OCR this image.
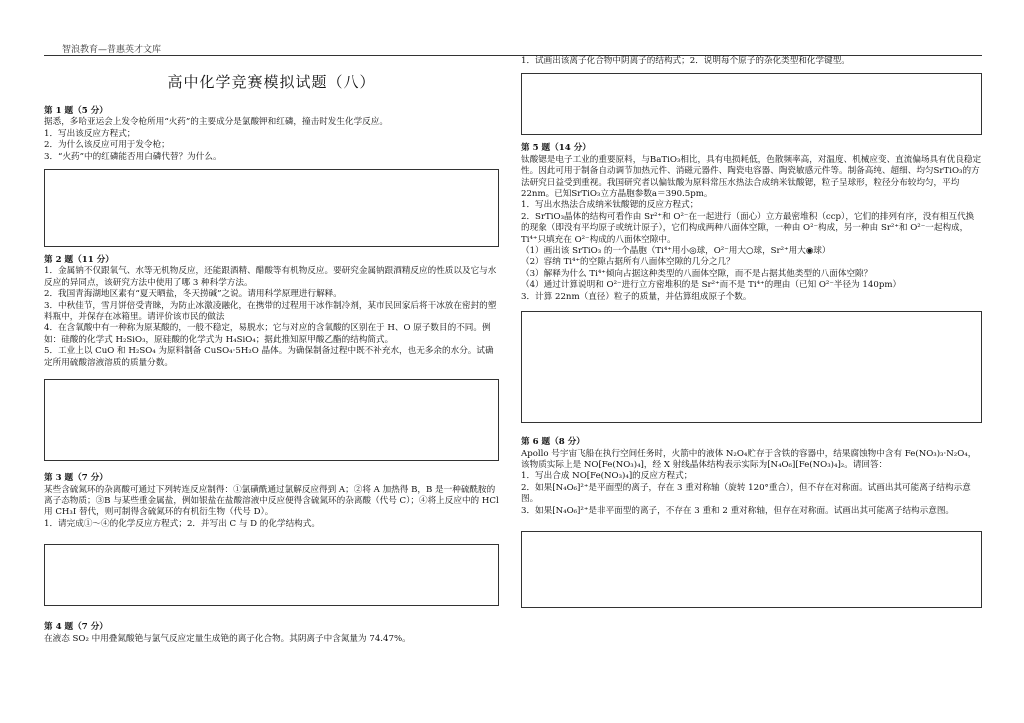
智浪教育—普惠英才文库

高中化学竞赛模拟试题（八）

第 1 题（5 分）

据悉，多哈亚运会上发令枪所用“火药”的主要成分是氯酸钾和红磷，撞击时发生化学反应。

1．写出该反应方程式；

2．为什么该反应可用于发令枪；

3．“火药”中的红磷能否用白磷代替？为什么。

第 2 题（11 分）

1．金属钠不仅跟氧气、水等无机物反应，还能跟酒精、醋酸等有机物反应。要研究金属钠跟酒精反应的性质以及它与水反应的异同点，该研究方法中使用了哪 3 种科学方法。

2．我国青海湖地区素有“夏天晒盐，冬天捞碱”之说。请用科学原理进行解释。

3．中秋佳节，雪月饼倍受青睐，为防止冰激凌融化，在携带的过程用干冰作制冷剂，某市民回家后将干冰放在密封的塑料瓶中，并保存在冰箱里。请评价该市民的做法

4．在含氧酸中有一种称为原某酸的，一般不稳定，易脱水；它与对应的含氧酸的区别在于 H、O 原子数目的不同。例如：硅酸的化学式 H₂SiO₃，原硅酸的化学式为 H₄SiO₄；据此推知原甲酸乙酯的结构简式。

5．工业上以 CuO 和 H₂SO₄ 为原料制备 CuSO₄·5H₂O 晶体。为确保制备过程中既不补充水，也无多余的水分。试确定所用硫酸溶液溶质的质量分数。

第 3 题（7 分）

某些含硫氮环的杂离酸可通过下列转连反应制得：①氯磺酰通过氯解反应得到 A；②将 A 加热得 B，B 是一种硫酰胺的离子态物质；③B 与某些重金属盐，例如银盐在盐酸溶液中反应便得含硫氮环的杂离酸（代号 C）；④将上反应中的 HCl 用 CH₃I 替代，则可制得含硫氮环的有机衍生物（代号 D）。

1．请完成①～④的化学反应方程式；2．并写出 C 与 D 的化学结构式。

第 4 题（7 分）

在液态 SO₂ 中用叠氮酸铯与氯气反应定量生成铯的离子化合物。其阴离子中含氮量为 74.47%。

1．试画出该离子化合物中阴离子的结构式；2．说明每个原子的杂化类型和化学键型。

第 5 题（14 分）

钛酸锶是电子工业的重要原料，与BaTiO₃相比，具有电损耗低，色散频率高，对温度、机械应变、直流偏场具有优良稳定性。因此可用于制备自动调节加热元件、消磁元器件、陶瓷电容器、陶瓷敏感元件等。制备高纯、超细、均匀SrTiO₃的方法研究日益受到重视。我国研究者以偏钛酸为原料常压水热法合成纳米钛酸锶，粒子呈球形，粒径分布较均匀，平均22nm。已知SrTiO₃立方晶胞参数a＝390.5pm。

1．写出水热法合成纳米钛酸锶的反应方程式；

2．SrTiO₃晶体的结构可看作由 Sr²⁺和 O²⁻在一起进行（面心）立方最密堆积（ccp），它们的排列有序，没有相互代换的现象（即没有平均原子或统计原子），它们构成两种八面体空隙，一种由 O²⁻构成，另一种由 Sr²⁺和 O²⁻一起构成，Ti⁴⁺只填充在 O²⁻构成的八面体空隙中。

（1）画出该 SrTiO₃ 的一个晶胞（Ti⁴⁺用小◎球，O²⁻用大○球，Sr²⁺用大◉球）

（2）容纳 Ti⁴⁺的空隙占据所有八面体空隙的几分之几？

（3）解释为什么 Ti⁴⁺倾向占据这种类型的八面体空隙，而不是占据其他类型的八面体空隙？

（4）通过计算说明和 O²⁻进行立方密堆积的是 Sr²⁺而不是 Ti⁴⁺的理由（已知 O²⁻半径为 140pm）

3．计算 22nm（直径）粒子的质量，并估算组成原子个数。

第 6 题（8 分）

Apollo 号宇宙飞船在执行空间任务时，火箭中的液体 N₂O₄贮存于含铁的容器中，结果腐蚀物中含有 Fe(NO₃)₃·N₂O₄，该物质实际上是 NO[Fe(NO₃)₄]，经 X 射线晶体结构表示实际为[N₄O₆][Fe(NO₃)₄]₂。请回答：

1．写出合成 NO[Fe(NO₃)₄]的反应方程式；

2．如果[N₄O₆]²⁺是平面型的离子，存在 3 重对称轴（旋转 120°重合），但不存在对称面。试画出其可能离子结构示意图。

3．如果[N₄O₆]²⁺是非平面型的离子，不存在 3 重和 2 重对称轴，但存在对称面。试画出其可能离子结构示意图。
